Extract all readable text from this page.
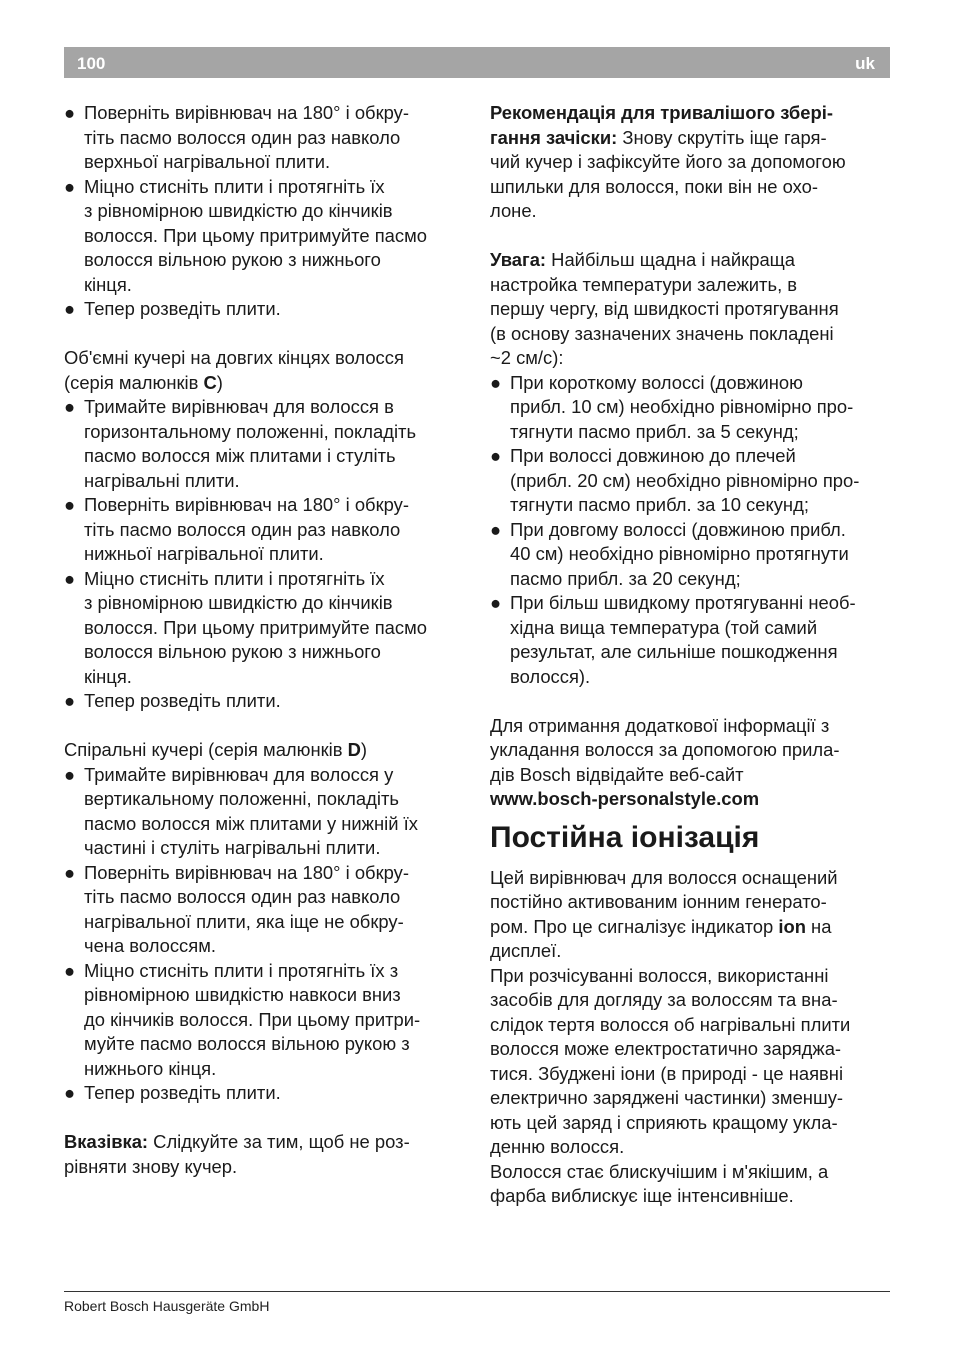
100	uk
● Поверніть вирівнювач на 180° і обкру-
тіть пасмо волосся один раз навколо
верхньої нагрівальної плити.
● Міцно стисніть плити і протягніть їх
з рівномірною швидкістю до кінчиків
волосся. При цьому притримуйте пасмо
волосся вільною рукою з нижнього
кінця.
● Тепер розведіть плити.
Об'ємні кучері на довгих кінцях волосся
(серія малюнків C)
● Тримайте вирівнювач для волосся в
горизонтальному положенні, покладіть
пасмо волосся між плитами і стуліть
нагрівальні плити.
● Поверніть вирівнювач на 180° і обкру-
тіть пасмо волосся один раз навколо
нижньої нагрівальної плити.
● Міцно стисніть плити і протягніть їх
з рівномірною швидкістю до кінчиків
волосся. При цьому притримуйте пасмо
волосся вільною рукою з нижнього
кінця.
● Тепер розведіть плити.
Спіральні кучері (серія малюнків D)
● Тримайте вирівнювач для волосся у
вертикальному положенні, покладіть
пасмо волосся між плитами у нижній їх
частині і стуліть нагрівальні плити.
● Поверніть вирівнювач на 180° і обкру-
тіть пасмо волосся один раз навколо
нагрівальної плити, яка іще не обкру-
чена волоссям.
● Міцно стисніть плити і протягніть їх з
рівномірною швидкістю навкоси вниз
до кінчиків волосся. При цьому притри-
муйте пасмо волосся вільною рукою з
нижнього кінця.
● Тепер розведіть плити.
Вказівка: Слідкуйте за тим, щоб не роз-
рівняти знову кучер.
Рекомендація для тривалішого збері-
гання зачіски: Знову скрутіть іще гаря-
чий кучер і зафіксуйте його за допомогою
шпильки для волосся, поки він не охо-
лоне.
Увага: Найбільш щадна і найкраща
настройка температури залежить, в
першу чергу, від швидкості протягування
(в основу зазначених значень покладені
~2 см/с):
● При короткому волоссі (довжиною
прибл. 10 см) необхідно рівномірно про-
тягнути пасмо прибл. за 5 секунд;
● При волоссі довжиною до плечей
(прибл. 20 см) необхідно рівномірно про-
тягнути пасмо прибл. за 10 секунд;
● При довгому волоссі (довжиною прибл.
40 см) необхідно рівномірно протягнути
пасмо прибл. за 20 секунд;
● При більш швидкому протягуванні необ-
хідна вища температура (той самий
результат, але сильніше пошкодження
волосся).
Для отримання додаткової інформації з
укладання волосся за допомогою прила-
дів Bosch відвідайте веб-сайт
www.bosch-personalstyle.com
Постійна іонізація
Цей вирівнювач для волосся оснащений
постійно активованим іонним генерато-
ром. Про це сигналізує індикатор ion на
дисплеї.
При розчісуванні волосся, використанні
засобів для догляду за волоссям та вна-
слідок тертя волосся об нагрівальні плити
волосся може електростатично заряджа-
тися. Збуджені іони (в природі - це наявні
електрично заряджені частинки) зменшу-
ють цей заряд і сприяють кращому укла-
денню волосся.
Волосся стає блискучішим і м'якішим, а
фарба виблискує іще інтенсивніше.
Robert Bosch Hausgeräte GmbH
